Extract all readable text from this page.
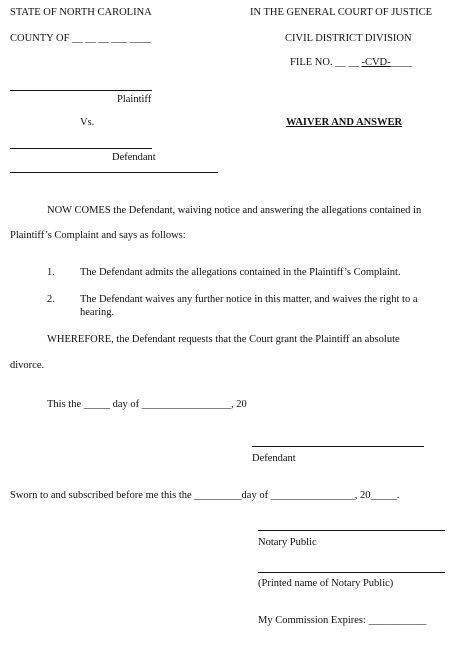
STATE OF NORTH CAROLINA
COUNTY OF __ __ __ ___ ____
IN THE GENERAL COURT OF JUSTICE
CIVIL DISTRICT DIVISION
FILE NO. __ __ -CVD-____
Plaintiff
Vs.	WAIVER AND ANSWER
Defendant
NOW COMES the Defendant, waiving notice and answering the allegations contained in
Plaintiff’s Complaint and says as follows:
1. The Defendant admits the allegations contained in the Plaintiff’s Complaint.
2. The Defendant waives any further notice in this matter, and waives the right to a hearing.
WHEREFORE, the Defendant requests that the Court grant the Plaintiff an absolute
divorce.
This the _____ day of _________________, 20
Defendant
Sworn to and subscribed before me this the _________day of ________________, 20_____.
Notary Public
(Printed name of Notary Public)
My Commission Expires: ___________
